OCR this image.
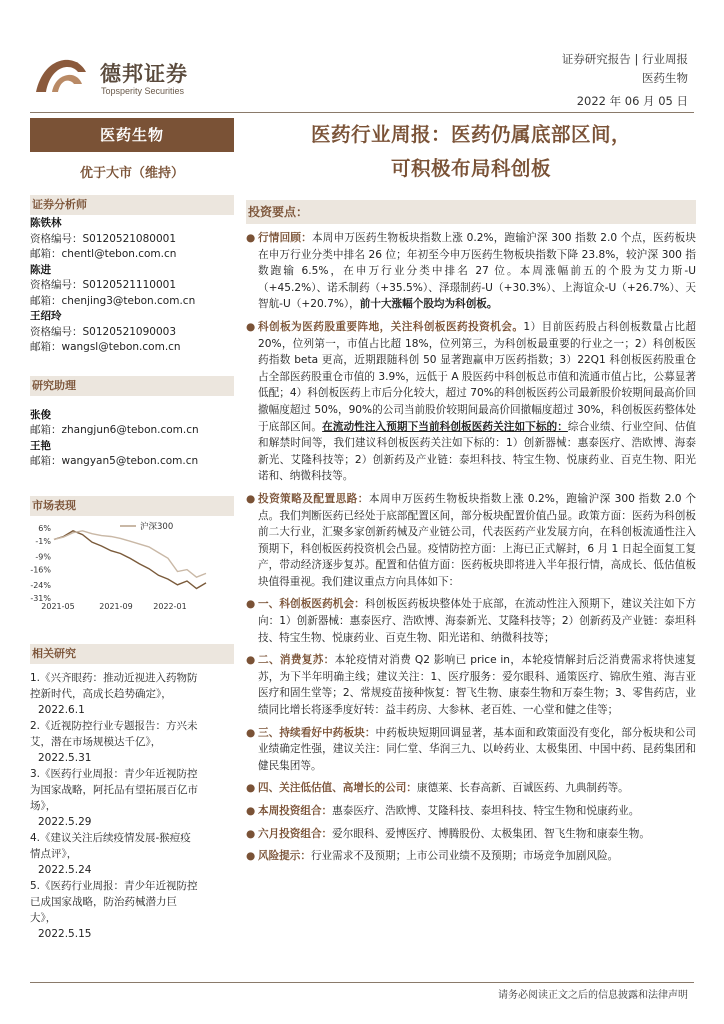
德邦证券
Topsperity Securities
证券研究报告 | 行业周报
医药生物
2022 年 06 月 05 日
医药生物
优于大市（维持）
证券分析师
陈铁林
资格编号：S0120521080001
邮箱：chentl@tebon.com.cn
陈进
资格编号：S0120521110001
邮箱：chenjing3@tebon.com.cn
王绍玲
资格编号：S0120521090003
邮箱：wangsl@tebon.com.cn
研究助理
张俊
邮箱：zhangjun6@tebon.com.cn
王艳
邮箱：wangyan5@tebon.com.cn
市场表现
6%
-1%
-9%
-16%
-24%
-31%
2021-05	2021-09	2022-01
沪深300
相关研究
1.《兴齐眼药：推动近视进入药物防控新时代，高成长趋势确定》，
2022.6.1
2.《近视防控行业专题报告：方兴未艾，潜在市场规模达千亿》，
2022.5.31
3.《医药行业周报：青少年近视防控为国家战略，阿托品有望拓展百亿市场》，
2022.5.29
4.《建议关注后续疫情发展-猴痘疫情点评》，
2022.5.24
5.《医药行业周报：青少年近视防控已成国家战略，防治药械潜力巨大》，
2022.5.15
医药行业周报：医药仍属底部区间，
可积极布局科创板
投资要点：

● 行情回顾：本周申万医药生物板块指数上涨 0.2%，跑输沪深 300 指数 2.0 个点，医药板块在申万行业分类中排名 26 位；年初至今申万医药生物板块指数下降 23.8%，较沪深 300 指数跑输 6.5%，在申万行业分类中排名 27 位。本周涨幅前五的个股为艾力斯-U（+45.2%）、诺禾制药（+35.5%）、泽璟制药-U（+30.3%）、上海谊众-U（+26.7%）、天智航-U（+20.7%），前十大涨幅个股均为科创板。

● 科创板为医药股重要阵地，关注科创板医药投资机会。1）目前医药股占科创板数量占比超 20%，位列第一，市值占比超 18%，位列第三，为科创板最重要的行业之一；2）科创板医药指数 beta 更高，近期跟随科创 50 显著跑赢申万医药指数；3）22Q1 科创板医药股重仓占全部医药股重仓市值的 3.9%，远低于 A 股医药中科创板总市值和流通市值占比，公募显著低配；4）科创板医药上市后分化较大，超过 70%的科创板医药公司最新股价较期间最高价回撤幅度超过 50%，90%的公司当前股价较期间最高价回撤幅度超过 30%，科创板医药整体处于底部区间。在流动性注入预期下当前科创板医药关注如下标的：综合业绩、行业空间、估值和解禁时间等，我们建议科创板医药关注如下标的：1）创新器械：惠泰医疗、浩欧博、海泰新光、艾隆科技等；2）创新药及产业链：泰坦科技、特宝生物、悦康药业、百克生物、阳光诺和、纳微科技等。

● 投资策略及配置思路：本周申万医药生物板块指数上涨 0.2%，跑输沪深 300 指数 2.0 个点。我们判断医药已经处于底部配置区间，部分板块配置价值凸显。政策方面：医药为科创板前二大行业，汇聚多家创新药械及产业链公司，代表医药产业发展方向，在科创板流通性注入预期下，科创板医药投资机会凸显。疫情防控方面：上海已正式解封，6 月 1 日起全面复工复产，带动经济逐步复苏。配置和估值方面：医药板块即将进入半年报行情，高成长、低估值板块值得重视。我们建议重点方向具体如下：

● 一、科创板医药机会：科创板医药板块整体处于底部，在流动性注入预期下，建议关注如下方向：1）创新器械：惠泰医疗、浩欧博、海泰新光、艾隆科技等；2）创新药及产业链：泰坦科技、特宝生物、悦康药业、百克生物、阳光诺和、纳微科技等；

● 二、消费复苏：本轮疫情对消费 Q2 影响已 price in，本轮疫情解封后泛消费需求将快速复苏，为下半年明确主线；建议关注：1、医疗服务：爱尔眼科、通策医疗、锦欣生殖、海吉亚医疗和固生堂等；2、常规疫苗接种恢复：智飞生物、康泰生物和万泰生物；3、零售药店，业绩同比增长将逐季度好转：益丰药房、大参林、老百姓、一心堂和健之佳等；

● 三、持续看好中药板块：中药板块短期回调显著，基本面和政策面没有变化，部分板块和公司业绩确定性强，建议关注：同仁堂、华润三九、以岭药业、太极集团、中国中药、昆药集团和健民集团等。

● 四、关注低估值、高增长的公司：康德莱、长春高新、百诚医药、九典制药等。

● 本周投资组合：惠泰医疗、浩欧博、艾隆科技、泰坦科技、特宝生物和悦康药业。

● 六月投资组合：爱尔眼科、爱博医疗、博腾股份、太极集团、智飞生物和康泰生物。

● 风险提示：行业需求不及预期；上市公司业绩不及预期；市场竞争加剧风险。

请务必阅读正文之后的信息披露和法律声明
